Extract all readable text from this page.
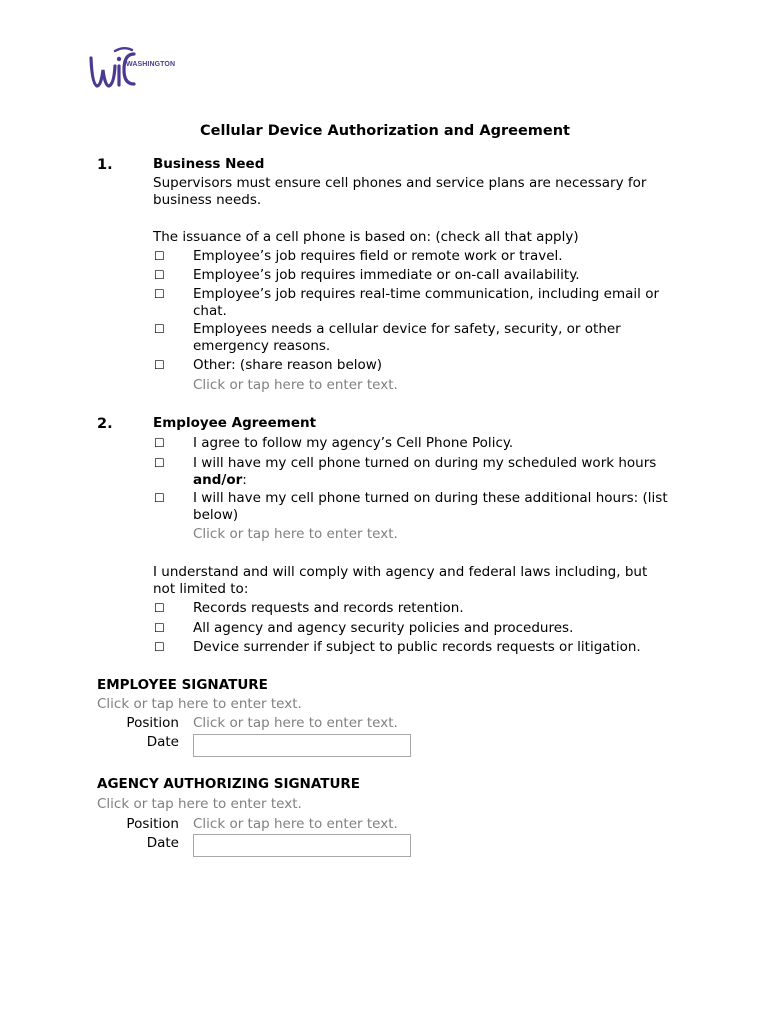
WASHINGTON
Cellular Device Authorization and Agreement
1.	Business Need
Supervisors must ensure cell phones and service plans are necessary for business needs.
The issuance of a cell phone is based on: (check all that apply)
☐ Employee’s job requires field or remote work or travel.
☐ Employee’s job requires immediate or on-call availability.
☐ Employee’s job requires real-time communication, including email or chat.
☐ Employees needs a cellular device for safety, security, or other emergency reasons.
☐ Other: (share reason below)
Click or tap here to enter text.
2.	Employee Agreement
☐ I agree to follow my agency’s Cell Phone Policy.
☐ I will have my cell phone turned on during my scheduled work hours
and/or:
☐ I will have my cell phone turned on during these additional hours: (list below)
Click or tap here to enter text.
I understand and will comply with agency and federal laws including, but not limited to:
☐ Records requests and records retention.
☐ All agency and agency security policies and procedures.
☐ Device surrender if subject to public records requests or litigation.
EMPLOYEE SIGNATURE
Click or tap here to enter text.
Position Click or tap here to enter text.
Date
AGENCY AUTHORIZING SIGNATURE
Click or tap here to enter text.
Position Click or tap here to enter text.
Date
